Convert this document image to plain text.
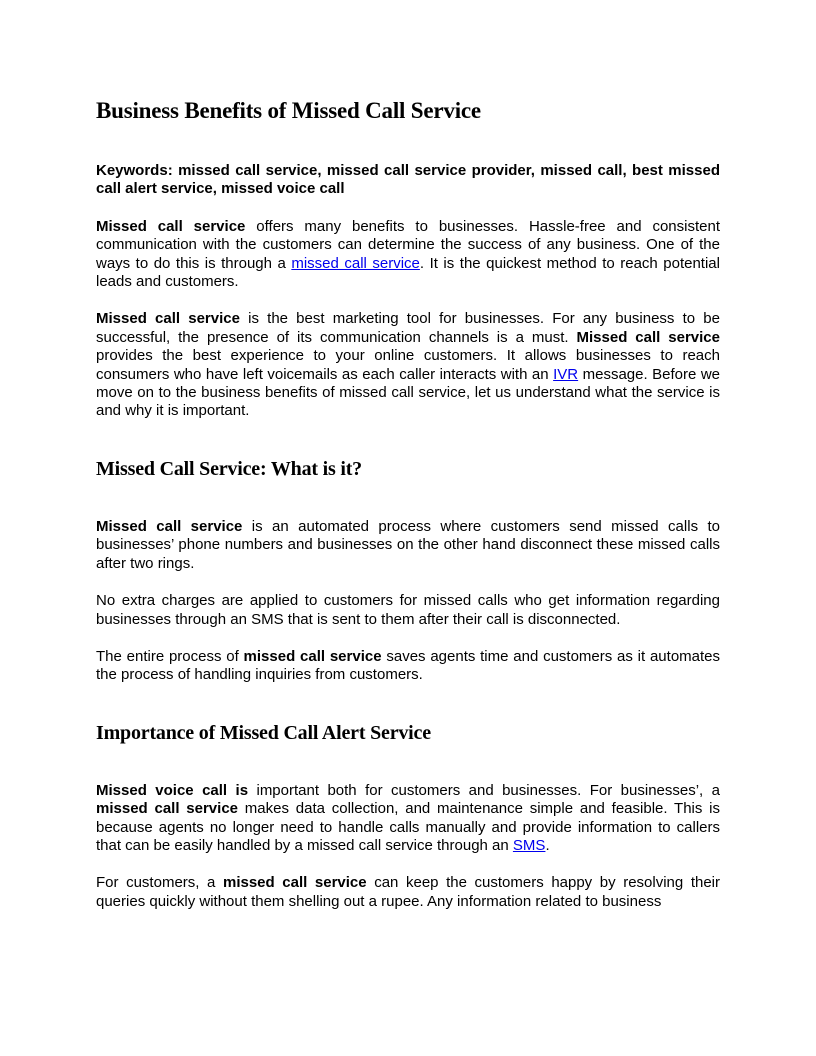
Business Benefits of Missed Call Service

Keywords: missed call service, missed call service provider, missed call, best missed call alert service, missed voice call

Missed call service offers many benefits to businesses. Hassle-free and consistent communication with the customers can determine the success of any business. One of the ways to do this is through a missed call service. It is the quickest method to reach potential leads and customers.

Missed call service is the best marketing tool for businesses. For any business to be successful, the presence of its communication channels is a must. Missed call service provides the best experience to your online customers. It allows businesses to reach consumers who have left voicemails as each caller interacts with an IVR message. Before we move on to the business benefits of missed call service, let us understand what the service is and why it is important.

Missed Call Service: What is it?

Missed call service is an automated process where customers send missed calls to businesses’ phone numbers and businesses on the other hand disconnect these missed calls after two rings.

No extra charges are applied to customers for missed calls who get information regarding businesses through an SMS that is sent to them after their call is disconnected.

The entire process of missed call service saves agents time and customers as it automates the process of handling inquiries from customers.

Importance of Missed Call Alert Service

Missed voice call is important both for customers and businesses. For businesses’, a missed call service makes data collection, and maintenance simple and feasible. This is because agents no longer need to handle calls manually and provide information to callers that can be easily handled by a missed call service through an SMS.

For customers, a missed call service can keep the customers happy by resolving their queries quickly without them shelling out a rupee. Any information related to business
